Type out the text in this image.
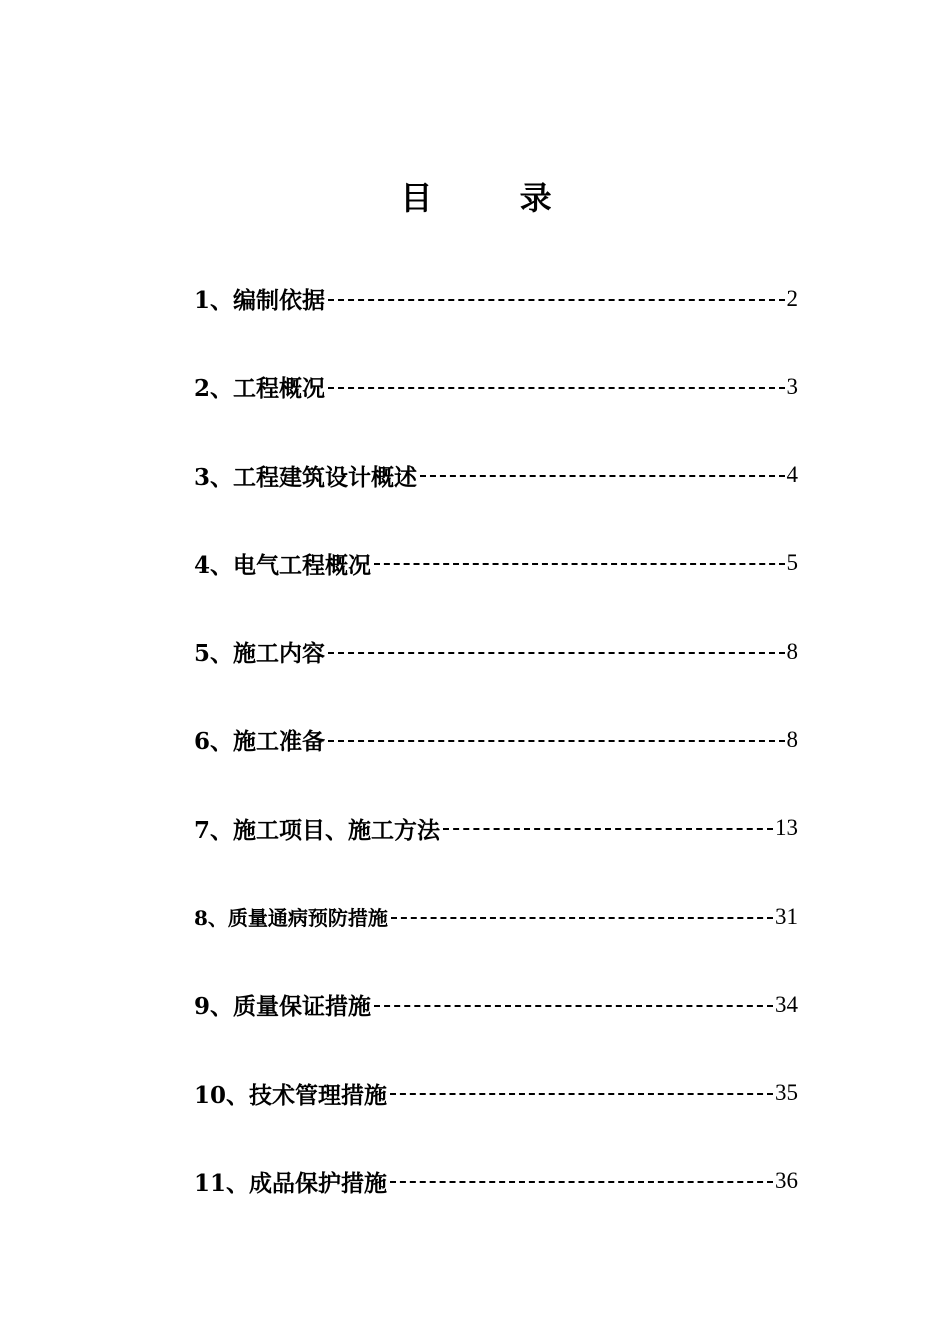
目 录
1、编制依据	2
2、工程概况	3
3、工程建筑设计概述	4
4、电气工程概况	5
5、施工内容	8
6、施工准备	8
7、施工项目、施工方法	13
8、质量通病预防措施	31
9、质量保证措施	34
10、技术管理措施	35
11、成品保护措施	36
